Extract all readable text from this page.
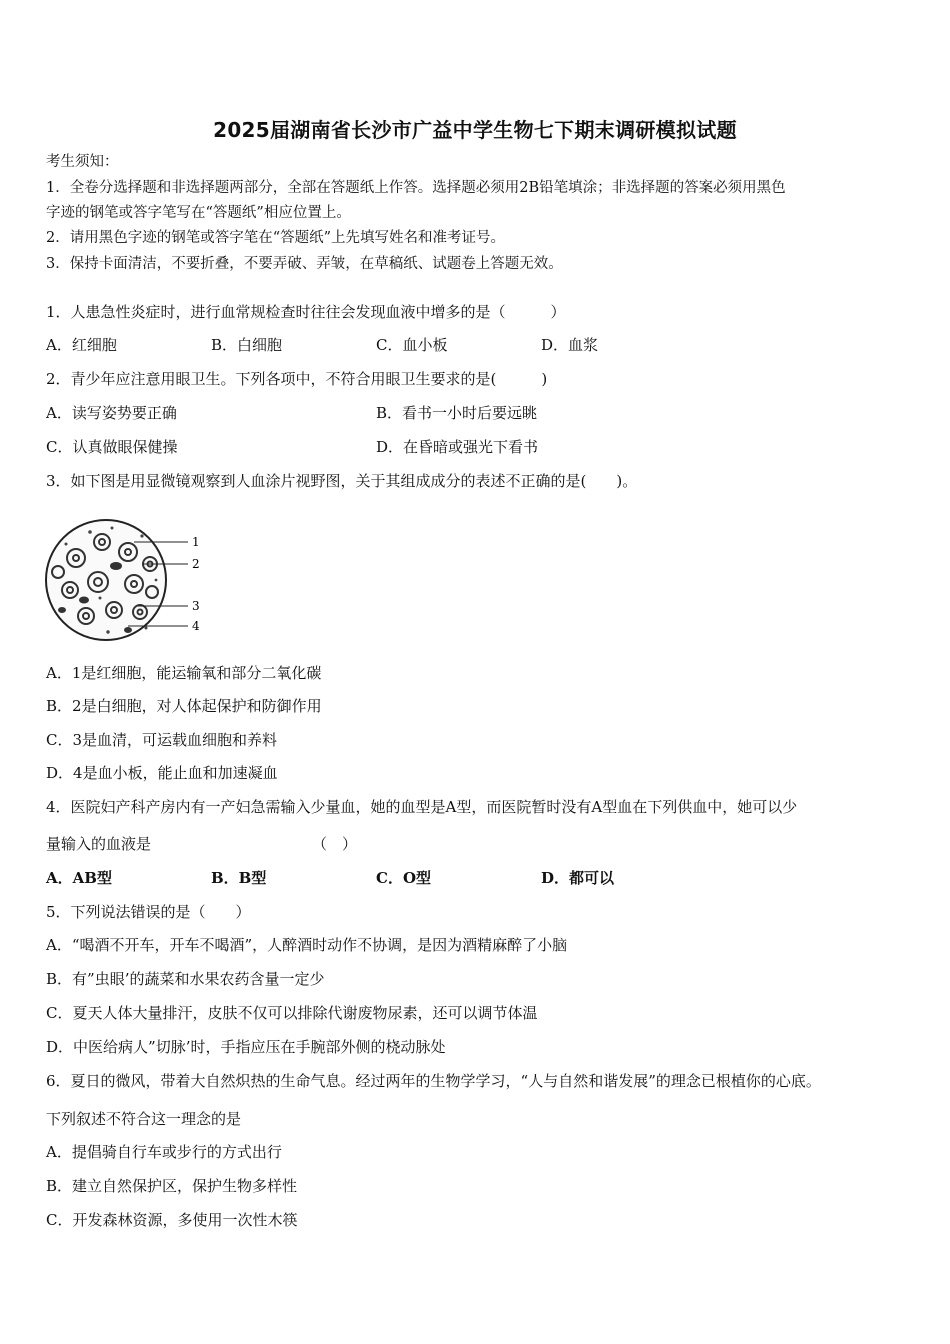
2025届湖南省长沙市广益中学生物七下期末调研模拟试题
考生须知：
1．全卷分选择题和非选择题两部分，全部在答题纸上作答。选择题必须用2B铅笔填涂；非选择题的答案必须用黑色
字迹的钢笔或答字笔写在“答题纸”相应位置上。
2．请用黑色字迹的钢笔或答字笔在“答题纸”上先填写姓名和准考证号。
3．保持卡面清洁，不要折叠，不要弄破、弄皱，在草稿纸、试题卷上答题无效。
1．人患急性炎症时，进行血常规检查时往往会发现血液中增多的是（　　　）
A．红细胞	B．白细胞	C．血小板	D．血浆
2．青少年应注意用眼卫生。下列各项中，不符合用眼卫生要求的是(　　　)
A．读写姿势要正确	B．看书一小时后要远眺
C．认真做眼保健操	D．在昏暗或强光下看书
3．如下图是用显微镜观察到人血涂片视野图，关于其组成成分的表述不正确的是(　　)。
1
2
3
4
A．1是红细胞，能运输氧和部分二氧化碳
B．2是白细胞，对人体起保护和防御作用
C．3是血清，可运载血细胞和养料
D．4是血小板，能止血和加速凝血
4．医院妇产科产房内有一产妇急需输入少量血，她的血型是A型，而医院暂时没有A型血在下列供血中，她可以少
量输入的血液是	（　）
A．AB型	B．B型	C．O型	D．都可以
5．下列说法错误的是（　　）
A．“喝酒不开车，开车不喝酒”，人醉酒时动作不协调，是因为酒精麻醉了小脑
B．有”虫眼’的蔬菜和水果农药含量一定少
C．夏天人体大量排汗，皮肤不仅可以排除代谢废物尿素，还可以调节体温
D．中医给病人”切脉’时，手指应压在手腕部外侧的桡动脉处
6．夏日的微风，带着大自然炽热的生命气息。经过两年的生物学学习，“人与自然和谐发展”的理念已根植你的心底。
下列叙述不符合这一理念的是
A．提倡骑自行车或步行的方式出行
B．建立自然保护区，保护生物多样性
C．开发森林资源，多使用一次性木筷
